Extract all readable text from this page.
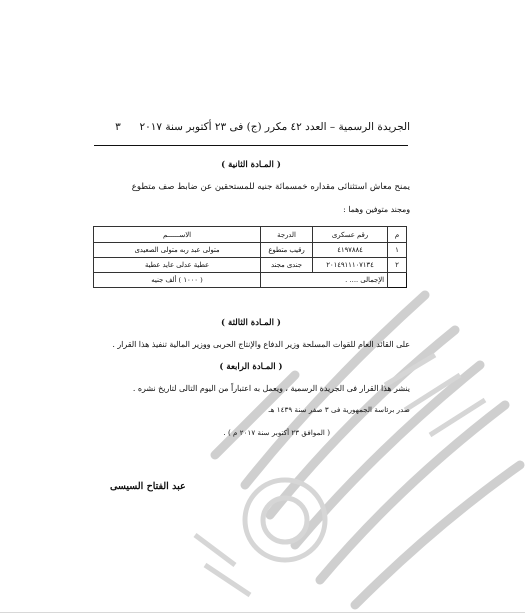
الجريدة الرسمية – العدد ٤٢ مكرر (ج) فى ٢٣ أكتوبر سنة ٢٠١٧  ٣
( المـادة الثانية )
يمنح معاش استثنائى مقداره خمسمائة جنيه للمستحقين عن ضابط صف متطوع
ومجند متوفين وهما :
م	رقم عسكرى	الدرجة	الاســــــم
١	٤١٩٧٨٨٤	رقيب متطوع	متولى عبد ربه متولى الصعيدى
٢	٢٠١٤٩١١١٠٧١٣٤	جندى مجند	عطية عدلى عايد عطية
	الإجمالى .... .		( ١٠٠٠ ) ألف جنيه
( المـادة الثالثة )
على القائد العام للقوات المسلحة وزير الدفاع والإنتاج الحربى ووزير المالية تنفيذ هذا القرار .
( المـادة الرابعة )
ينشر هذا القرار فى الجريدة الرسمية ، ويعمل به اعتباراً من اليوم التالى لتاريخ نشره .
صدر برئاسة الجمهورية فى ٣ صفر سنة ١٤٣٩ هـ
( الموافق ٢٣ أكتوبر سنة ٢٠١٧ م ) .
عبد الفتاح السيسى
